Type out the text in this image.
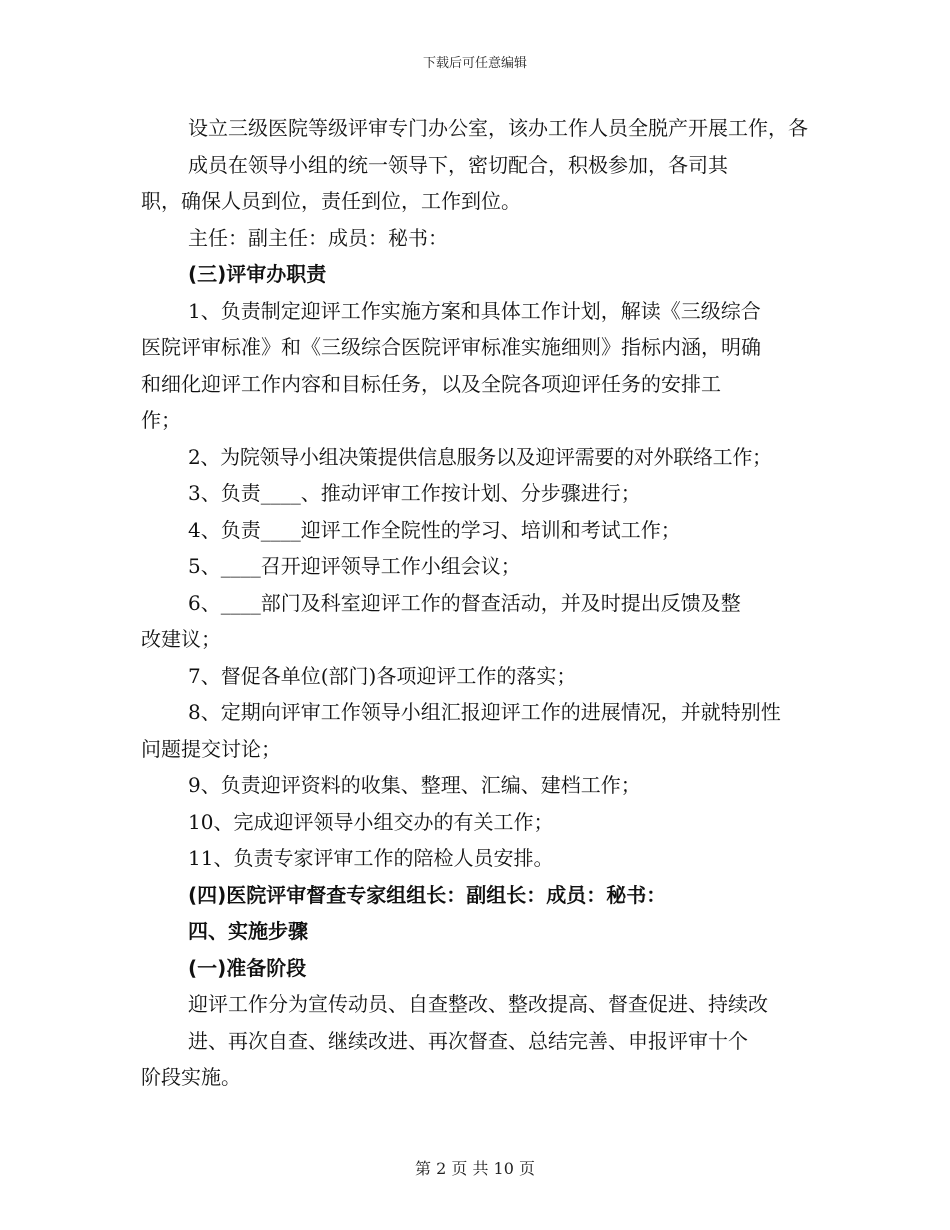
下载后可任意编辑

设立三级医院等级评审专门办公室，该办工作人员全脱产开展工作，各
成员在领导小组的统一领导下，密切配合，积极参加，各司其
职，确保人员到位，责任到位，工作到位。

主任：副主任：成员：秘书：

(三)评审办职责

1、负责制定迎评工作实施方案和具体工作计划，解读《三级综合
医院评审标准》和《三级综合医院评审标准实施细则》指标内涵，明确
和细化迎评工作内容和目标任务，以及全院各项迎评任务的安排工
作；

2、为院领导小组决策提供信息服务以及迎评需要的对外联络工作；

3、负责____、推动评审工作按计划、分步骤进行；

4、负责____迎评工作全院性的学习、培训和考试工作；

5、____召开迎评领导工作小组会议；

6、____部门及科室迎评工作的督查活动，并及时提出反馈及整
改建议；

7、督促各单位(部门)各项迎评工作的落实；

8、定期向评审工作领导小组汇报迎评工作的进展情况，并就特别性
问题提交讨论；

9、负责迎评资料的收集、整理、汇编、建档工作；

10、完成迎评领导小组交办的有关工作；

11、负责专家评审工作的陪检人员安排。

(四)医院评审督查专家组组长：副组长：成员：秘书：

四、实施步骤

(一)准备阶段

迎评工作分为宣传动员、自查整改、整改提高、督查促进、持续改
进、再次自查、继续改进、再次督查、总结完善、申报评审十个
阶段实施。

第 2 页 共 10 页
